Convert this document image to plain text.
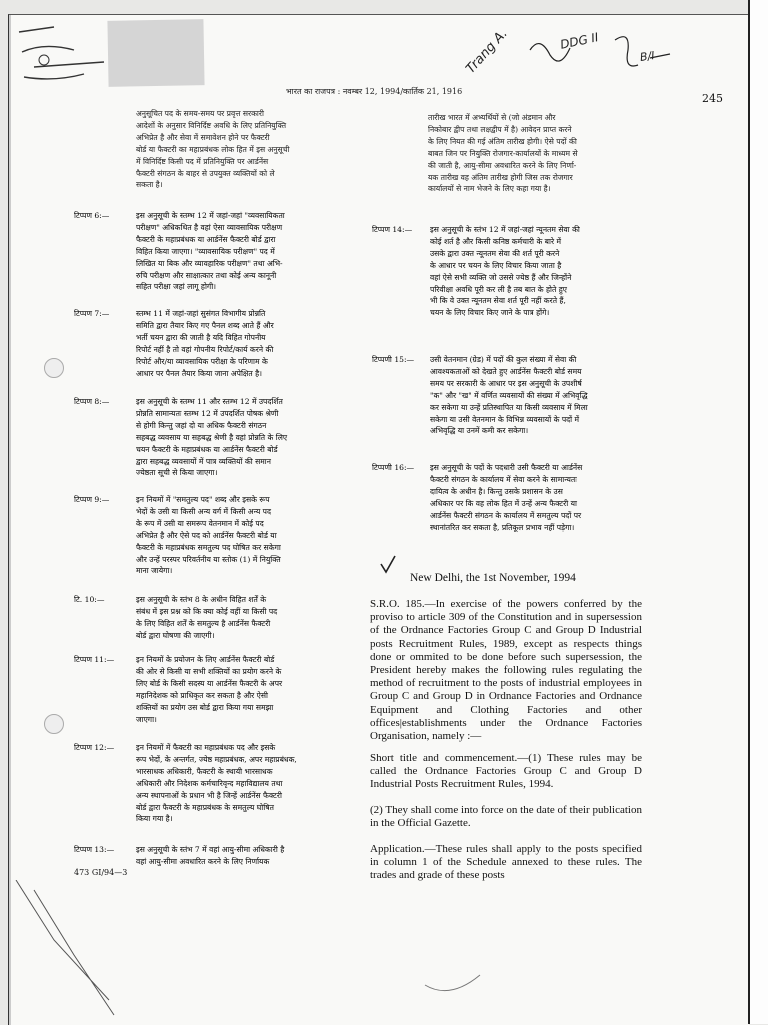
भारत का राजपत्र : नवम्बर 12, 1994/कार्तिक 21, 1916
245
Trang A.	DDG II
B/I
अनुसूचित पद के समय-समय पर प्रवृत्त सरकारी
आदेशों के अनुसार विनिर्दिष्ट अवधि के लिए प्रतिनियुक्ति
अभिप्रेत है और सेवा में समावेशन होने पर फैक्टरी
बोर्ड या फैक्टरी का महाप्रबंधक लोक हित में इस अनुसूची
में विनिर्दिष्ट किसी पद में प्रतिनियुक्ति पर आर्डनेंस
फैक्टरी संगठन के बाहर से उपयुक्त व्यक्तियों को ले
सकता है।
टिप्पण 6:—	इस अनुसूची के स्तम्भ 12 में जहां-जहां "व्यवसायिकता
परीक्षण" अधिकथित है वहां ऐसा व्यावसायिक परीक्षण
फैक्टरी के महाप्रबंधक या आर्डनेंस फैक्टरी बोर्ड द्वारा
विहित किया जाएगा। "व्यावसायिक परीक्षण" पद में
लिखित या बिक और व्यावहारिक परीक्षण" तथा अभि-
रुचि परीक्षण और साक्षात्कार तथा कोई अन्य कानूनी
सहित परीक्षा जहां लागू होगी।
टिप्पण 7:—	स्तम्भ 11 में जहां-जहां सुसंगत विभागीय प्रोन्नति
समिति द्वारा तैयार किए गए पैनल शब्द आते हैं और
भर्ती चयन द्वारा की जाती है यदि विहित गोपनीय
रिपोर्ट नहीं है तो वहां गोपनीय रिपोर्ट/कार्य करने की
रिपोर्ट और/या व्यावसायिक परीक्षा के परिणाम के
आधार पर पैनल तैयार किया जाना अपेक्षित है।
टिप्पण 8:—	इस अनुसूची के स्तम्भ 11 और स्तम्भ 12 में उपदर्शित
प्रोन्नति सामान्यतः स्तम्भ 12 में उपदर्शित पोषक श्रेणी
से होगी किन्तु जहां दो या अधिक फैक्टरी संगठन
सहबद्ध व्यवसाय या सहबद्ध श्रेणी है वहां प्रोन्नति के लिए
चयन फैक्टरी के महाप्रबंधक या आर्डनेंस फैक्टरी बोर्ड
द्वारा सहबद्ध व्यवसायों में पात्र व्यक्तियों की समान
ज्येष्ठता सूची से किया जाएगा।
टिप्पण 9:—	इन नियमों में "समतुल्य पद" शब्द और इसके रूप
भेदों के उसी या किसी अन्य वर्ग में किसी अन्य पद
के रूप में उसी या समरूप वेतनमान में कोई पद
अभिप्रेत है और ऐसे पद को आर्डनेंस फैक्टरी बोर्ड या
फैक्टरी के महाप्रबंधक समतुल्य पद घोषित कर सकेगा
और उन्हें परस्पर परिवर्तनीय या स्तोक (1) में नियुक्ति
माना जायेगा।
टि. 10:—	इस अनुसूची के स्तंभ 8 के अधीन विहित शर्तें के
संबंध में इस प्रश्न को कि क्या कोई वहीं या किसी पद
के लिए विहित शर्तें के समतुल्य है आर्डनेंस फैक्टरी
बोर्ड द्वारा घोषणा की जाएगी।
टिप्पण 11:—	इन नियमों के प्रयोजन के लिए आर्डनेंस फैक्टरी बोर्ड
की ओर से किसी या सभी शक्तियों का प्रयोग करने के
लिए बोर्ड के किसी सदस्य या आर्डनेंस फैक्टरी के अपर
महानिदेशक को प्राधिकृत कर सकता है और ऐसी
शक्तियों का प्रयोग उस बोर्ड द्वारा किया गया समझा
जाएगा।
टिप्पण 12:—	इन नियमों में फैक्टरी का महाप्रबंधक पद और इसके
रूप भेदों, के अन्तर्गत, ज्येष्ठ महाप्रबंधक, अपर महाप्रबंधक,
भारसाधक अधिकारी, फैक्टरी के स्थायी भारसाधक
अधिकारी और निदेशक कर्मचारिवृन्द महाविद्यालय तथा
अन्य स्थापनाओं के प्रधान भी है जिन्हें आर्डनेंस फैक्टरी
बोर्ड द्वारा फैक्टरी के महाप्रबंधक के समतुल्य घोषित
किया गया है।
टिप्पण 13:—	इस अनुसूची के स्तंभ 7 में वहां आयु-सीमा अधिकारी है
वहां आयु-सीमा अवधारित करने के लिए निर्णायक
473 GI/94—3
तारीख भारत में अभ्यर्थियों से (जो अंडमान और
निकोबार द्वीप तथा लक्षद्वीप में है) आवेदन प्राप्त करने
के लिए नियत की गई अंतिम तारीख होगी। ऐसे पदों की
बाबत जिन पर नियुक्ति रोजगार-कार्यालयों के माध्यम से
की जाती है, आयु-सीमा अवधारित करने के लिए निर्णा-
यक तारीख वह अंतिम तारीख होगी जिस तक रोजगार
कार्यालयों से नाम भेजने के लिए कहा गया है।
टिप्पण 14:— इस अनुसूची के स्तंभ 12 में जहां-जहां न्यूनतम सेवा की
कोई शर्त है और किसी कनिष्ठ कर्मचारी के बारे में
उसके द्वारा उक्त न्यूनतम सेवा की शर्त पूरी करने
के आधार पर चयन के लिए विचार किया जाता है
वहां ऐसे सभी व्यक्ति जो उससे ज्येष्ठ हैं और जिन्होंने
परिवीक्षा अवधि पूरी कर ली है तब बात के होते हुए
भी कि वे उक्त न्यूनतम सेवा शर्त पूरी नहीं करते हैं,
चयन के लिए विचार किए जाने के पात्र होंगे।
टिप्पणी 15:— उसी वेतनमान (ग्रेड) में पदों की कुल संख्या में सेवा की
आवश्यकताओं को देखते हुए आर्डनेंस फैक्टरी बोर्ड समय
समय पर सरकारी के आधार पर इस अनुसूची के उपशीर्ष
"क" और "ख" में वर्णित व्यवसायों की संख्या में अभिवृद्धि
कर सकेगा या उन्हें प्रतिस्थापित या किसी व्यवसाय में मिला
सकेगा या उसी वेतनमान के विभिन्न व्यवसायों के पदों में
अभिवृद्धि या उनमें कमी कर सकेगा।
टिप्पणी 16:— इस अनुसूची के पदों के पदधारी उसी फैक्टरी या आर्डनेंस
फैक्टरी संगठन के कार्यालय में सेवा करने के सामान्यतः
दायित्व के अधीन है। किन्तु उसके प्रशासन के उस
अधिकार पर कि वह लोक हित में उन्हें अन्य फैक्टरी या
आर्डनेंस फैक्टरी संगठन के कार्यालय में समतुल्य पदों पर
स्थानांतरित कर सकता है, प्रतिकूल प्रभाव नहीं पड़ेगा।
New Delhi, the 1st November, 1994

S.R.O. 185.—In exercise of the powers conferred by the proviso to article 309 of the Constitution and in supersession of the Ordnance Factories Group C and Group D Industrial posts Recruitment Rules, 1989, except as respects things done or ommited to be done before such supersession, the President hereby makes the following rules regulating the method of recruitment to the posts of industrial employees in Group C and Group D in Ordnance Factories and Ordnance Equipment and Clothing Factories and other offices|establishments under the Ordnance Factories Organisation, namely :—

Short title and commencement.—(1) These rules may be called the Ordnance Factories Group C and Group D Industrial Posts Recruitment Rules, 1994.

(2) They shall come into force on the date of their publication in the Official Gazette.

Application.—These rules shall apply to the posts specified in column 1 of the Schedule annexed to these rules. The trades and grade of these posts
